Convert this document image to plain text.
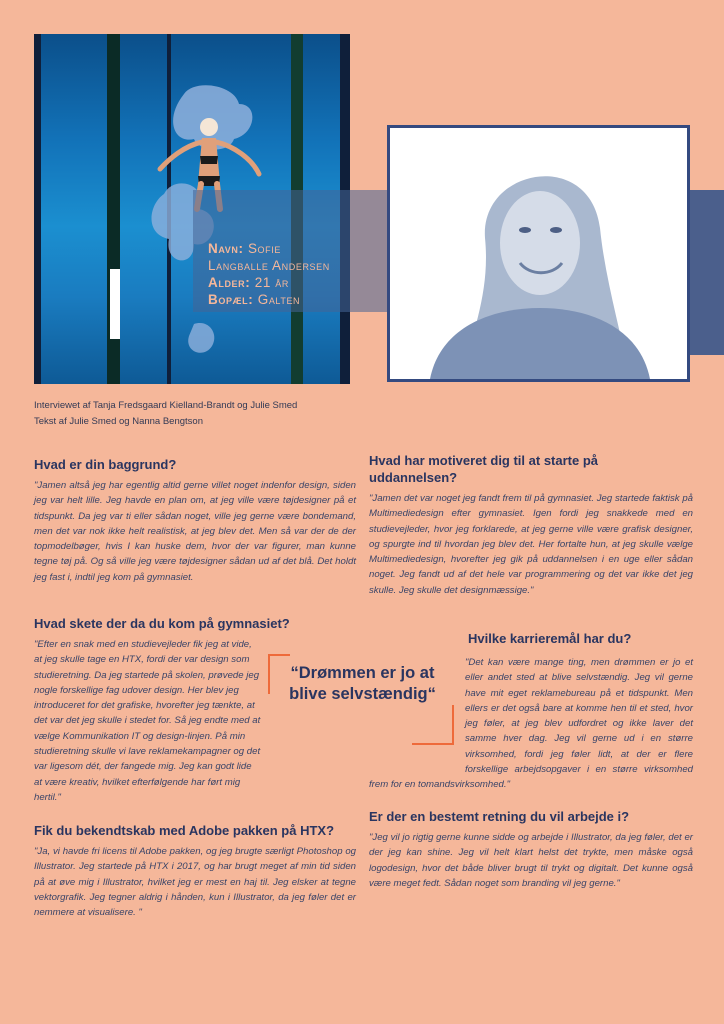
Navn: Sofie
Langballe Andersen
Alder: 21 år
Bopæl: Galten
Interviewet af Tanja Fredsgaard Kielland-Brandt og Julie Smed
Tekst af Julie Smed og Nanna Bengtson
Hvad er din baggrund?
"Jamen altså jeg har egentlig altid gerne villet noget indenfor design, siden jeg var helt lille. Jeg havde en plan om, at jeg ville være tøjdesigner på et tidspunkt. Da jeg var ti eller sådan noget, ville jeg gerne være bondemand, men det var nok ikke helt realistisk, at jeg blev det. Men så var der de der topmodelbøger, hvis I kan huske dem, hvor der var figurer, man kunne tegne tøj på. Og så ville jeg være tøjdesigner sådan ud af det blå. Det holdt jeg fast i, indtil jeg kom på gymnasiet.
Hvad skete der da du kom på gymnasiet?
"Efter en snak med en studievejleder fik jeg at vide, at jeg skulle tage en HTX, fordi der var design som studieretning. Da jeg startede på skolen, prøvede jeg nogle forskellige fag udover design. Her blev jeg introduceret for det grafiske, hvorefter jeg tænkte, at det var det jeg skulle i stedet for. Så jeg endte med at vælge Kommunikation IT og design-linjen. På min studieretning skulle vi lave reklamekampagner og det var ligesom dét, der fangede mig. Jeg kan godt lide at være kreativ, hvilket efterfølgende har ført mig hertil."
Fik du bekendtskab med Adobe pakken på HTX?
"Ja, vi havde fri licens til Adobe pakken, og jeg brugte særligt Photoshop og Illustrator. Jeg startede på HTX i 2017, og har brugt meget af min tid siden på at øve mig i Illustrator, hvilket jeg er mest en haj til. Jeg elsker at tegne vektorgrafik. Jeg tegner aldrig i hånden, kun i Illustrator, da jeg føler det er nemmere at visualisere. "
“Drømmen er jo at blive selvstændig“
Hvad har motiveret dig til at starte på uddannelsen?
"Jamen det var noget jeg fandt frem til på gymnasiet. Jeg startede faktisk på Multimediedesign efter gymnasiet. Igen fordi jeg snakkede med en studievejleder, hvor jeg forklarede, at jeg gerne ville være grafisk designer, og spurgte ind til hvordan jeg blev det. Her fortalte hun, at jeg skulle vælge Multimediedesign, hvorefter jeg gik på uddannelsen i en uge eller sådan noget. Jeg fandt ud af det hele var programmering og det var ikke det jeg skulle. Jeg skulle det designmæssige."
Hvilke karrieremål har du?
"Det kan være mange ting, men drømmen er jo et eller andet sted at blive selvstændig. Jeg vil gerne have mit eget reklamebureau på et tidspunkt. Men ellers er det også bare at komme hen til et sted, hvor jeg føler, at jeg blev udfordret og ikke laver det samme hver dag. Jeg vil gerne ud i en større virksomhed, fordi jeg føler lidt, at der er flere forskellige arbejdsopgaver i en større virksomhed frem for en tomandsvirksomhed."
Er der en bestemt retning du vil arbejde i?
"Jeg vil jo rigtig gerne kunne sidde og arbejde i Illustrator, da jeg føler, det er der jeg kan shine. Jeg vil helt klart helst det trykte, men måske også logodesign, hvor det både bliver brugt til trykt og digitalt. Det kunne også være meget fedt. Sådan noget som branding vil jeg gerne."
